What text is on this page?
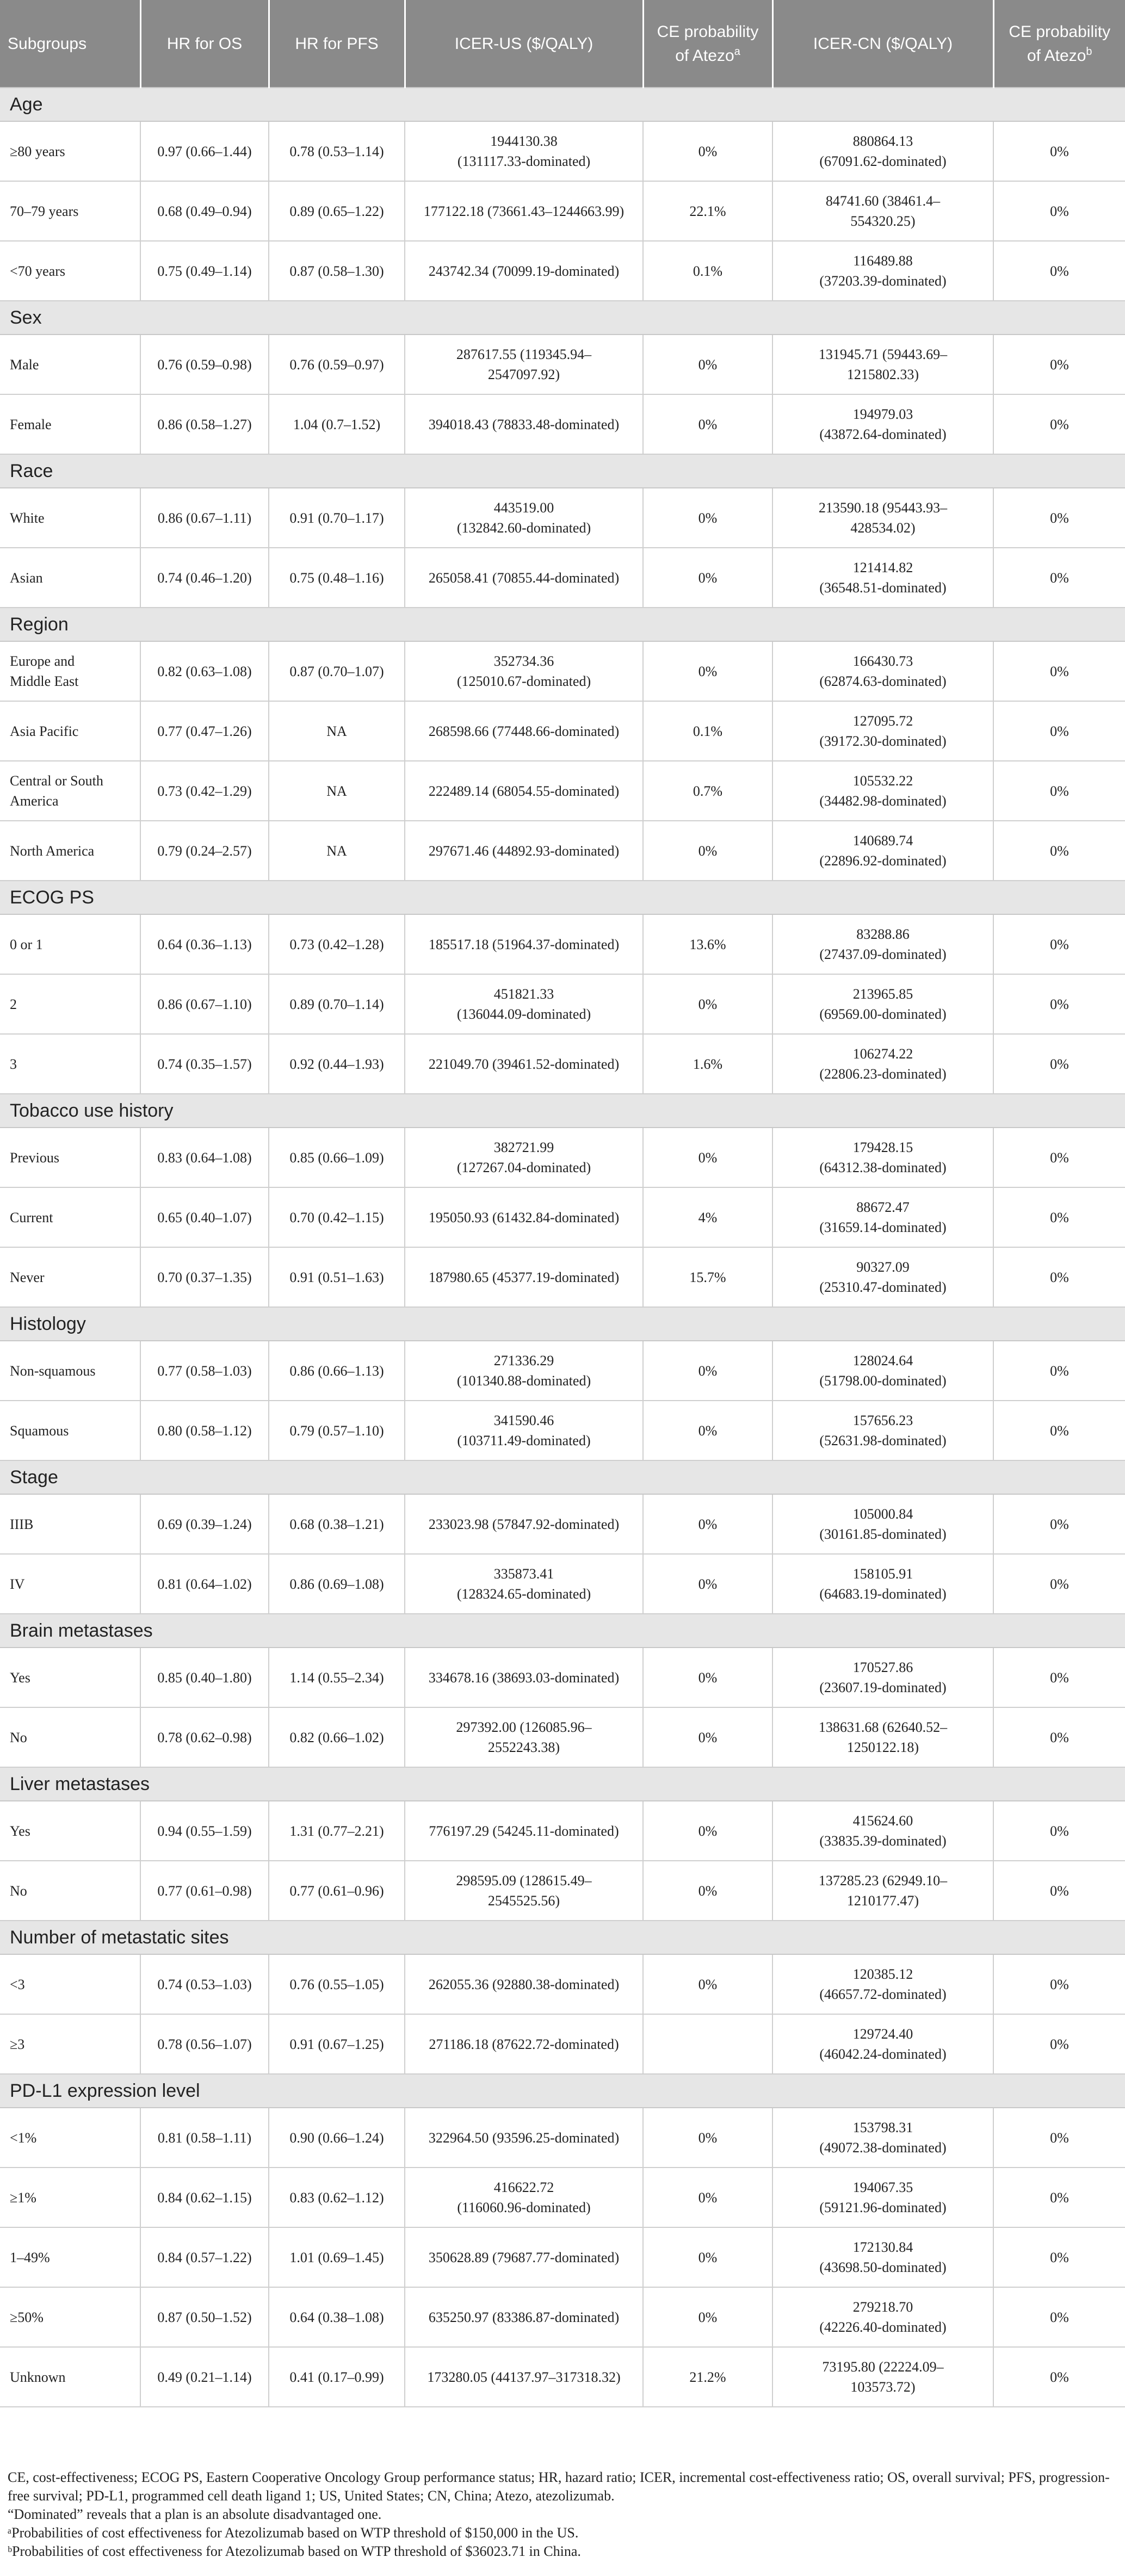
Subgroups	HR for OS	HR for PFS	ICER-US ($/QALY)	CE probability of Atezo$^a$	ICER-CN ($/QALY)	CE probability of Atezo$^b$
Age						
≥80 years	0.97 (0.66–1.44)	0.78 (0.53–1.14)	1944130.38
(131117.33-dominated)	0%	880864.13
(67091.62-dominated)	0%
70–79 years	0.68 (0.49–0.94)	0.89 (0.65–1.22)	177122.18 (73661.43–1244663.99)	22.1%	84741.60 (38461.4–
554320.25)	0%
<70 years	0.75 (0.49–1.14)	0.87 (0.58–1.30)	243742.34 (70099.19-dominated)	0.1%	116489.88
(37203.39-dominated)	0%
Sex						
Male	0.76 (0.59–0.98)	0.76 (0.59–0.97)	287617.55 (119345.94–
2547097.92)	0%	131945.71 (59443.69–
1215802.33)	0%
Female	0.86 (0.58–1.27)	1.04 (0.7–1.52)	394018.43 (78833.48-dominated)	0%	194979.03
(43872.64-dominated)	0%
Race						
White	0.86 (0.67–1.11)	0.91 (0.70–1.17)	443519.00
(132842.60-dominated)	0%	213590.18 (95443.93–
428534.02)	0%
Asian	0.74 (0.46–1.20)	0.75 (0.48–1.16)	265058.41 (70855.44-dominated)	0%	121414.82
(36548.51-dominated)	0%
Region						
Europe and
Middle East	0.82 (0.63–1.08)	0.87 (0.70–1.07)	352734.36
(125010.67-dominated)	0%	166430.73
(62874.63-dominated)	0%
Asia Pacific	0.77 (0.47–1.26)	NA	268598.66 (77448.66-dominated)	0.1%	127095.72
(39172.30-dominated)	0%
Central or South
America	0.73 (0.42–1.29)	NA	222489.14 (68054.55-dominated)	0.7%	105532.22
(34482.98-dominated)	0%
North America	0.79 (0.24–2.57)	NA	297671.46 (44892.93-dominated)	0%	140689.74
(22896.92-dominated)	0%
ECOG PS						
0 or 1	0.64 (0.36–1.13)	0.73 (0.42–1.28)	185517.18 (51964.37-dominated)	13.6%	83288.86
(27437.09-dominated)	0%
2	0.86 (0.67–1.10)	0.89 (0.70–1.14)	451821.33
(136044.09-dominated)	0%	213965.85
(69569.00-dominated)	0%
3	0.74 (0.35–1.57)	0.92 (0.44–1.93)	221049.70 (39461.52-dominated)	1.6%	106274.22
(22806.23-dominated)	0%
Tobacco use history						
Previous	0.83 (0.64–1.08)	0.85 (0.66–1.09)	382721.99
(127267.04-dominated)	0%	179428.15
(64312.38-dominated)	0%
Current	0.65 (0.40–1.07)	0.70 (0.42–1.15)	195050.93 (61432.84-dominated)	4%	88672.47
(31659.14-dominated)	0%
Never	0.70 (0.37–1.35)	0.91 (0.51–1.63)	187980.65 (45377.19-dominated)	15.7%	90327.09
(25310.47-dominated)	0%
Histology						
Non-squamous	0.77 (0.58–1.03)	0.86 (0.66–1.13)	271336.29
(101340.88-dominated)	0%	128024.64
(51798.00-dominated)	0%
Squamous	0.80 (0.58–1.12)	0.79 (0.57–1.10)	341590.46
(103711.49-dominated)	0%	157656.23
(52631.98-dominated)	0%
Stage						
IIIB	0.69 (0.39–1.24)	0.68 (0.38–1.21)	233023.98 (57847.92-dominated)	0%	105000.84
(30161.85-dominated)	0%
IV	0.81 (0.64–1.02)	0.86 (0.69–1.08)	335873.41
(128324.65-dominated)	0%	158105.91
(64683.19-dominated)	0%
Brain metastases						
Yes	0.85 (0.40–1.80)	1.14 (0.55–2.34)	334678.16 (38693.03-dominated)	0%	170527.86
(23607.19-dominated)	0%
No	0.78 (0.62–0.98)	0.82 (0.66–1.02)	297392.00 (126085.96–
2552243.38)	0%	138631.68 (62640.52–
1250122.18)	0%
Liver metastases						
Yes	0.94 (0.55–1.59)	1.31 (0.77–2.21)	776197.29 (54245.11-dominated)	0%	415624.60
(33835.39-dominated)	0%
No	0.77 (0.61–0.98)	0.77 (0.61–0.96)	298595.09 (128615.49–
2545525.56)	0%	137285.23 (62949.10–
1210177.47)	0%
Number of metastatic sites						
<3	0.74 (0.53–1.03)	0.76 (0.55–1.05)	262055.36 (92880.38-dominated)	0%	120385.12
(46657.72-dominated)	0%
≥3	0.78 (0.56–1.07)	0.91 (0.67–1.25)	271186.18 (87622.72-dominated)		129724.40
(46042.24-dominated)	0%
PD-L1 expression level						
<1%	0.81 (0.58–1.11)	0.90 (0.66–1.24)	322964.50 (93596.25-dominated)	0%	153798.31
(49072.38-dominated)	0%
≥1%	0.84 (0.62–1.15)	0.83 (0.62–1.12)	416622.72
(116060.96-dominated)	0%	194067.35
(59121.96-dominated)	0%
1–49%	0.84 (0.57–1.22)	1.01 (0.69–1.45)	350628.89 (79687.77-dominated)	0%	172130.84
(43698.50-dominated)	0%
≥50%	0.87 (0.50–1.52)	0.64 (0.38–1.08)	635250.97 (83386.87-dominated)	0%	279218.70
(42226.40-dominated)	0%
Unknown	0.49 (0.21–1.14)	0.41 (0.17–0.99)	173280.05 (44137.97–317318.32)	21.2%	73195.80 (22224.09–
103573.72)	0%

CE, cost-effectiveness; ECOG PS, Eastern Cooperative Oncology Group performance status; HR, hazard ratio; ICER, incremental cost-effectiveness ratio; OS, overall survival; PFS, progression-free survival; PD-L1, programmed cell death ligand 1; US, United States; CN, China; Atezo, atezolizumab.

“Dominated” reveals that a plan is an absolute disadvantaged one.

ᵃProbabilities of cost effectiveness for Atezolizumab based on WTP threshold of $150,000 in the US.

ᵇProbabilities of cost effectiveness for Atezolizumab based on WTP threshold of $36023.71 in China.
